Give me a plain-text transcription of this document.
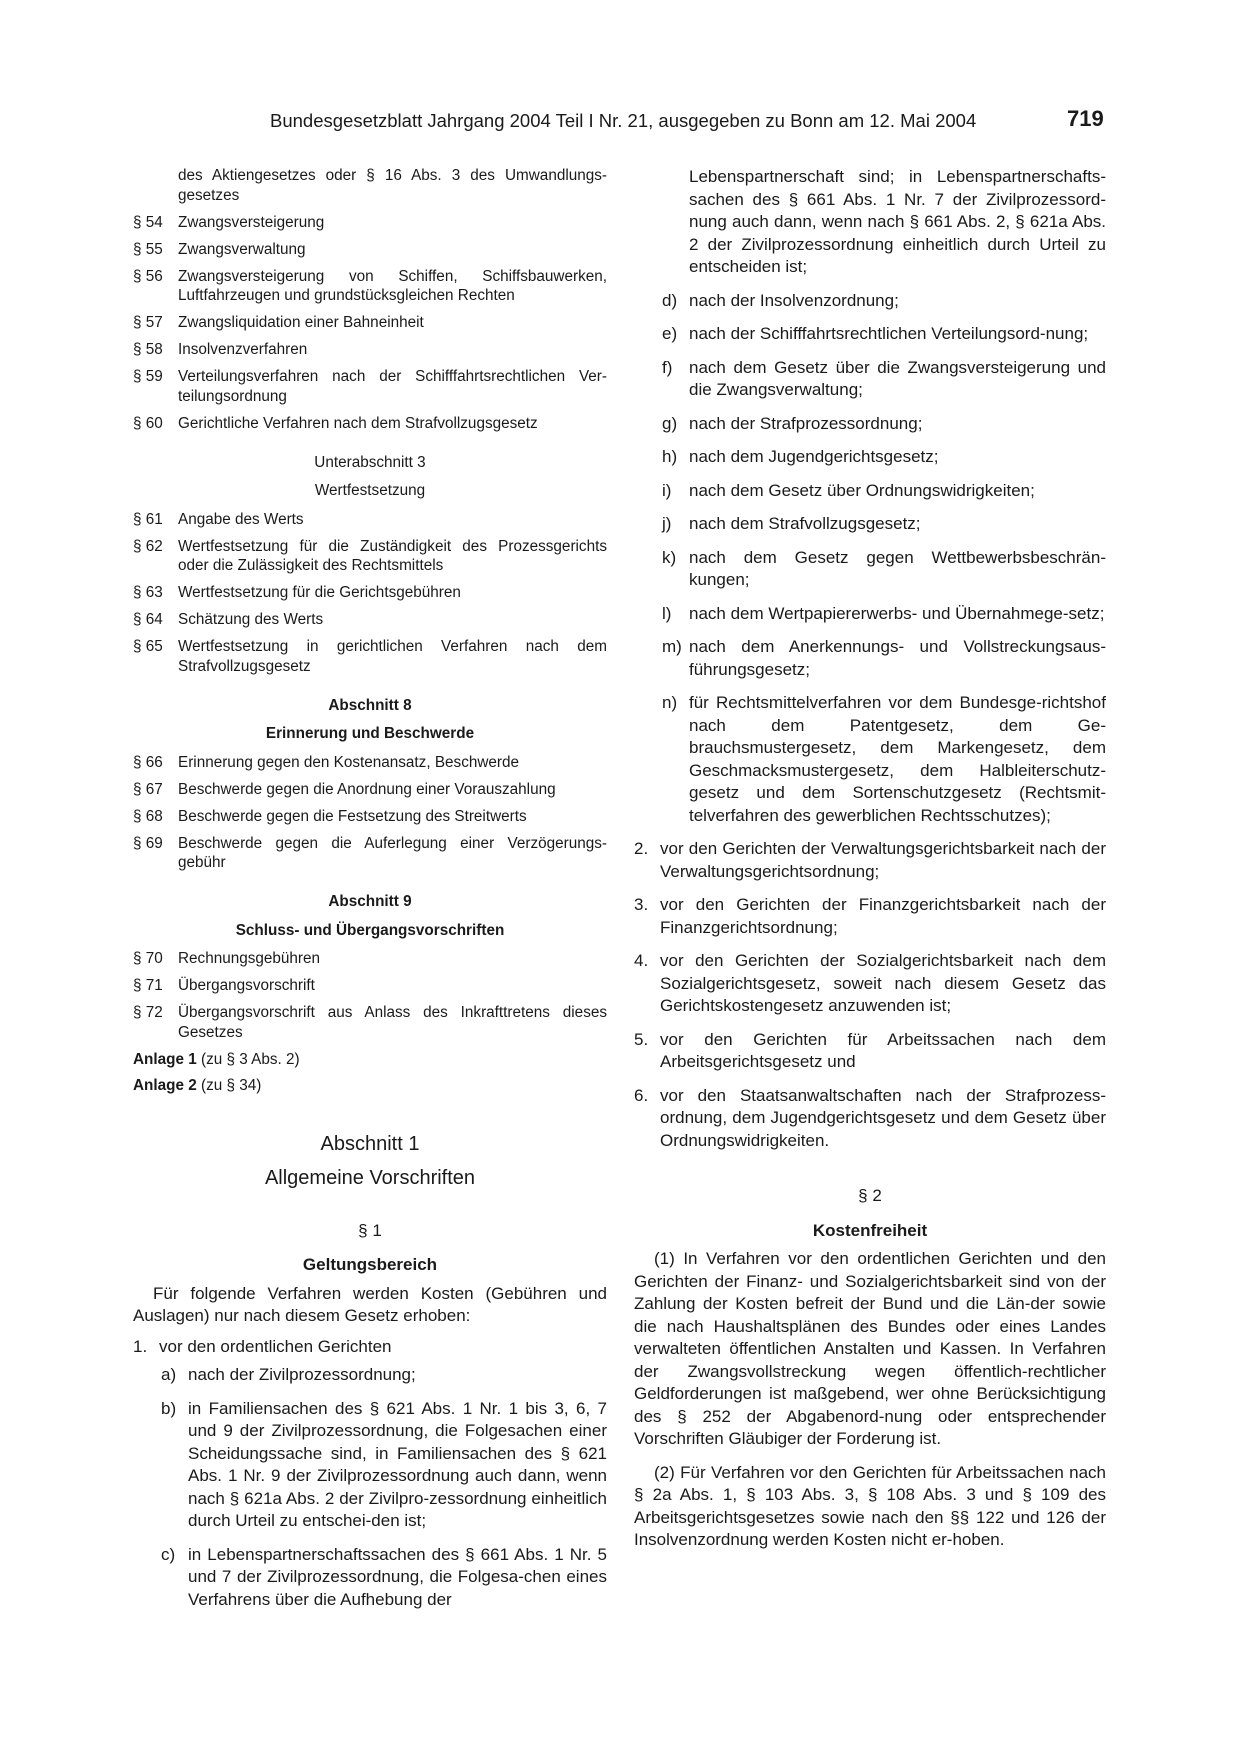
Bundesgesetzblatt Jahrgang 2004 Teil I Nr. 21, ausgegeben zu Bonn am 12. Mai 2004	719
des Aktiengesetzes oder § 16 Abs. 3 des Umwandlungs-gesetzes
§ 54 Zwangsversteigerung
§ 55 Zwangsverwaltung
§ 56 Zwangsversteigerung von Schiffen, Schiffsbauwerken, Luftfahrzeugen und grundstücksgleichen Rechten
§ 57 Zwangsliquidation einer Bahneinheit
§ 58 Insolvenzverfahren
§ 59 Verteilungsverfahren nach der Schifffahrtsrechtlichen Ver-teilungsordnung
§ 60 Gerichtliche Verfahren nach dem Strafvollzugsgesetz
Unterabschnitt 3
Wertfestsetzung
§ 61 Angabe des Werts
§ 62 Wertfestsetzung für die Zuständigkeit des Prozessgerichts oder die Zulässigkeit des Rechtsmittels
§ 63 Wertfestsetzung für die Gerichtsgebühren
§ 64 Schätzung des Werts
§ 65 Wertfestsetzung in gerichtlichen Verfahren nach dem Strafvollzugsgesetz
Abschnitt 8
Erinnerung und Beschwerde
§ 66 Erinnerung gegen den Kostenansatz, Beschwerde
§ 67 Beschwerde gegen die Anordnung einer Vorauszahlung
§ 68 Beschwerde gegen die Festsetzung des Streitwerts
§ 69 Beschwerde gegen die Auferlegung einer Verzögerungs-gebühr
Abschnitt 9
Schluss- und Übergangsvorschriften
§ 70 Rechnungsgebühren
§ 71 Übergangsvorschrift
§ 72 Übergangsvorschrift aus Anlass des Inkrafttretens dieses Gesetzes
Anlage 1 (zu § 3 Abs. 2)
Anlage 2 (zu § 34)
Abschnitt 1
Allgemeine Vorschriften
§ 1
Geltungsbereich
Für folgende Verfahren werden Kosten (Gebühren und Auslagen) nur nach diesem Gesetz erhoben:
1. vor den ordentlichen Gerichten
a) nach der Zivilprozessordnung;
b) in Familiensachen des § 621 Abs. 1 Nr. 1 bis 3, 6, 7 und 9 der Zivilprozessordnung, die Folgesachen einer Scheidungssache sind, in Familiensachen des § 621 Abs. 1 Nr. 9 der Zivilprozessordnung auch dann, wenn nach § 621a Abs. 2 der Zivilpro-zessordnung einheitlich durch Urteil zu entschei-den ist;
c) in Lebenspartnerschaftssachen des § 661 Abs. 1 Nr. 5 und 7 der Zivilprozessordnung, die Folgesa-chen eines Verfahrens über die Aufhebung der
Lebenspartnerschaft sind; in Lebenspartnerschafts-sachen des § 661 Abs. 1 Nr. 7 der Zivilprozessord-nung auch dann, wenn nach § 661 Abs. 2, § 621a Abs. 2 der Zivilprozessordnung einheitlich durch Urteil zu entscheiden ist;
d) nach der Insolvenzordnung;
e) nach der Schifffahrtsrechtlichen Verteilungsord-nung;
f) nach dem Gesetz über die Zwangsversteigerung und die Zwangsverwaltung;
g) nach der Strafprozessordnung;
h) nach dem Jugendgerichtsgesetz;
i)	nach dem Gesetz über Ordnungswidrigkeiten;
j)	nach dem Strafvollzugsgesetz;
k) nach dem Gesetz gegen Wettbewerbsbeschrän-kungen;
l)	nach dem Wertpapiererwerbs- und Übernahmege-setz;
m) nach dem Anerkennungs- und Vollstreckungsaus-führungsgesetz;
n) für Rechtsmittelverfahren vor dem Bundesge-richtshof nach dem Patentgesetz, dem Ge-brauchsmustergesetz, dem Markengesetz, dem Geschmacksmustergesetz, dem Halbleiterschutz-gesetz und dem Sortenschutzgesetz (Rechtsmit-telverfahren des gewerblichen Rechtsschutzes);
2. vor den Gerichten der Verwaltungsgerichtsbarkeit nach der Verwaltungsgerichtsordnung;
3. vor den Gerichten der Finanzgerichtsbarkeit nach der Finanzgerichtsordnung;
4. vor den Gerichten der Sozialgerichtsbarkeit nach dem Sozialgerichtsgesetz, soweit nach diesem Gesetz das Gerichtskostengesetz anzuwenden ist;
5. vor den Gerichten für Arbeitssachen nach dem Arbeitsgerichtsgesetz und
6. vor den Staatsanwaltschaften nach der Strafprozess-ordnung, dem Jugendgerichtsgesetz und dem Gesetz über Ordnungswidrigkeiten.
§ 2
Kostenfreiheit
(1) In Verfahren vor den ordentlichen Gerichten und den Gerichten der Finanz- und Sozialgerichtsbarkeit sind von der Zahlung der Kosten befreit der Bund und die Län-der sowie die nach Haushaltsplänen des Bundes oder eines Landes verwalteten öffentlichen Anstalten und Kassen. In Verfahren der Zwangsvollstreckung wegen öffentlich-rechtlicher Geldforderungen ist maßgebend, wer ohne Berücksichtigung des § 252 der Abgabenord-nung oder entsprechender Vorschriften Gläubiger der Forderung ist.
(2) Für Verfahren vor den Gerichten für Arbeitssachen nach § 2a Abs. 1, § 103 Abs. 3, § 108 Abs. 3 und § 109 des Arbeitsgerichtsgesetzes sowie nach den §§ 122 und 126 der Insolvenzordnung werden Kosten nicht er-hoben.
